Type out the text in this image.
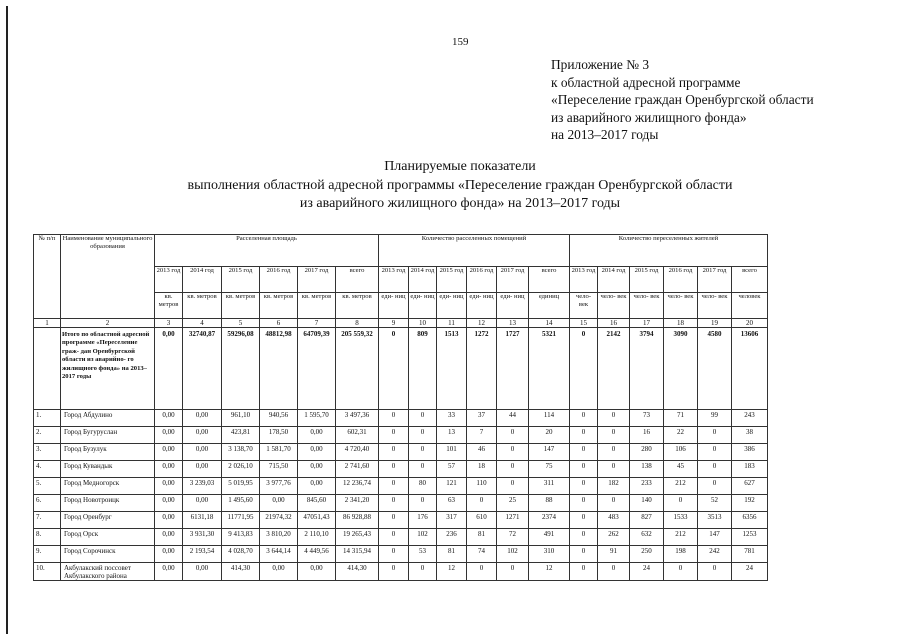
159
Приложение № 3
к областной адресной программе
«Переселение граждан Оренбургской области
из аварийного жилищного фонда»
на 2013–2017 годы
Планируемые показатели
выполнения областной адресной программы «Переселение граждан Оренбургской области
из аварийного жилищного фонда» на 2013–2017 годы
№ п/п	Наименование муниципального образования	Расселенная площадь						Количество расселенных помещений						Количество переселенных жителей					
		2013 год	2014 год	2015 год	2016 год	2017 год	всего	2013 год	2014 год	2015 год	2016 год	2017 год	всего	2013 год	2014 год	2015 год	2016 год	2017 год	всего
		кв. метров	кв. метров	кв. метров	кв. метров	кв. метров	кв. метров	еди- ниц	еди- ниц	еди- ниц	еди- ниц	еди- ниц	единиц	чело- век	чело- век	чело- век	чело- век	чело- век	человек
1	2	3	4	5	6	7	8	9	10	11	12	13	14	15	16	17	18	19	20
	Итого по областной адресной программе «Переселение граж- дан Оренбургской области из аварийно- го жилищного фонда» на 2013–2017 годы	0,00	32740,87	59296,08	48812,98	64709,39	205 559,32	0	809	1513	1272	1727	5321	0	2142	3794	3090	4580	13606
1.	Город Абдулино	0,00	0,00	961,10	940,56	1 595,70	3 497,36	0	0	33	37	44	114	0	0	73	71	99	243
2.	Город Бугуруслан	0,00	0,00	423,81	178,50	0,00	602,31	0	0	13	7	0	20	0	0	16	22	0	38
3.	Город Бузулук	0,00	0,00	3 138,70	1 581,70	0,00	4 720,40	0	0	101	46	0	147	0	0	280	106	0	386
4.	Город Кувандык	0,00	0,00	2 026,10	715,50	0,00	2 741,60	0	0	57	18	0	75	0	0	138	45	0	183
5.	Город Медногорск	0,00	3 239,03	5 019,95	3 977,76	0,00	12 236,74	0	80	121	110	0	311	0	182	233	212	0	627
6.	Город Новотроицк	0,00	0,00	1 495,60	0,00	845,60	2 341,20	0	0	63	0	25	88	0	0	140	0	52	192
7.	Город Оренбург	0,00	6131,18	11771,95	21974,32	47051,43	86 928,88	0	176	317	610	1271	2374	0	483	827	1533	3513	6356
8.	Город Орск	0,00	3 931,30	9 413,83	3 810,20	2 110,10	19 265,43	0	102	236	81	72	491	0	262	632	212	147	1253
9.	Город Сорочинск	0,00	2 193,54	4 028,70	3 644,14	4 449,56	14 315,94	0	53	81	74	102	310	0	91	250	198	242	781
10.	Акбулакский поссовет Акбулакского района	0,00	0,00	414,30	0,00	0,00	414,30	0	0	12	0	0	12	0	0	24	0	0	24
